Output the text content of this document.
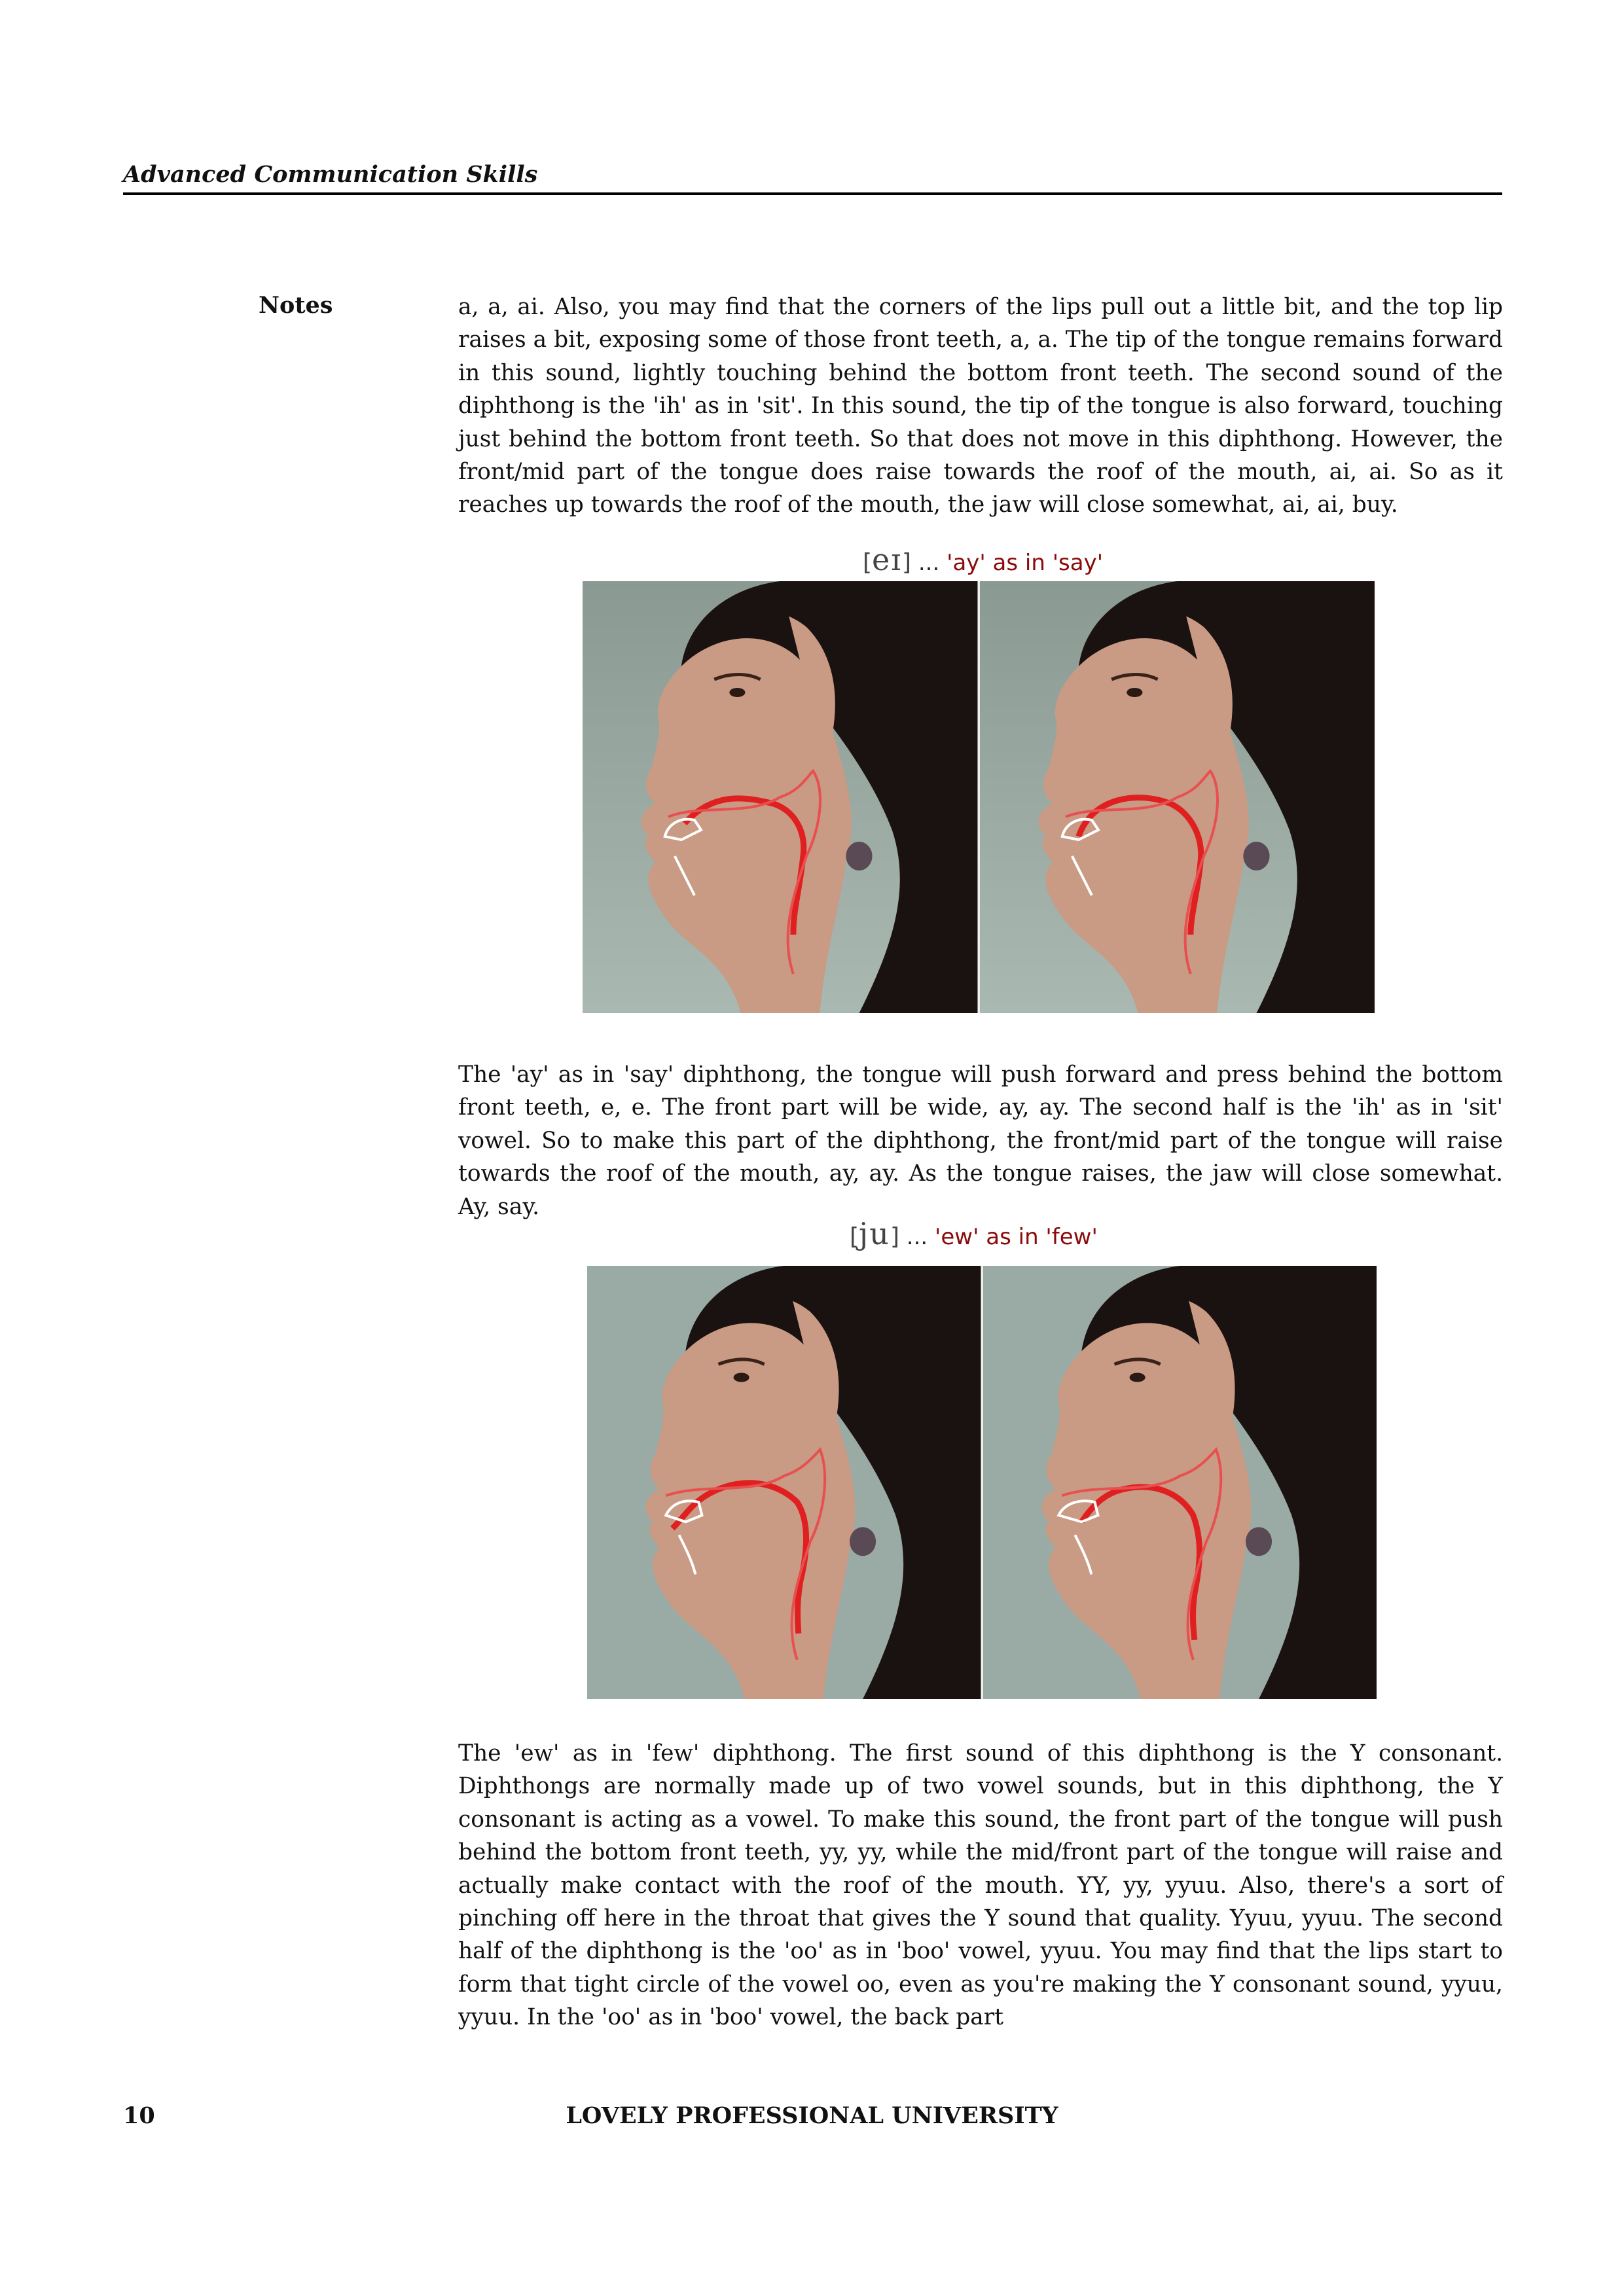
Advanced Communication Skills
Notes	a, a, ai. Also, you may find that the corners of the lips pull out a little bit, and the top lip raises a bit, exposing some of those front teeth, a, a. The tip of the tongue remains forward in this sound, lightly touching behind the bottom front teeth. The second sound of the diphthong is the 'ih' as in 'sit'. In this sound, the tip of the tongue is also forward, touching just behind the bottom front teeth. So that does not move in this diphthong. However, the front/mid part of the tongue does raise towards the roof of the mouth, ai, ai. So as it reaches up towards the roof of the mouth, the jaw will close somewhat, ai, ai, buy.

[eɪ] ... 'ay' as in 'say'

The 'ay' as in 'say' diphthong, the tongue will push forward and press behind the bottom front teeth, e, e. The front part will be wide, ay, ay. The second half is the 'ih' as in 'sit' vowel. So to make this part of the diphthong, the front/mid part of the tongue will raise towards the roof of the mouth, ay, ay. As the tongue raises, the jaw will close somewhat. Ay, say.

[ju] ... 'ew' as in 'few'

The 'ew' as in 'few' diphthong. The first sound of this diphthong is the Y consonant. Diphthongs are normally made up of two vowel sounds, but in this diphthong, the Y consonant is acting as a vowel. To make this sound, the front part of the tongue will push behind the bottom front teeth, yy, yy, while the mid/front part of the tongue will raise and actually make contact with the roof of the mouth. YY, yy, yyuu. Also, there's a sort of pinching off here in the throat that gives the Y sound that quality. Yyuu, yyuu. The second half of the diphthong is the 'oo' as in 'boo' vowel, yyuu. You may find that the lips start to form that tight circle of the vowel oo, even as you're making the Y consonant sound, yyuu, yyuu. In the 'oo' as in 'boo' vowel, the back part

10	LOVELY PROFESSIONAL UNIVERSITY
